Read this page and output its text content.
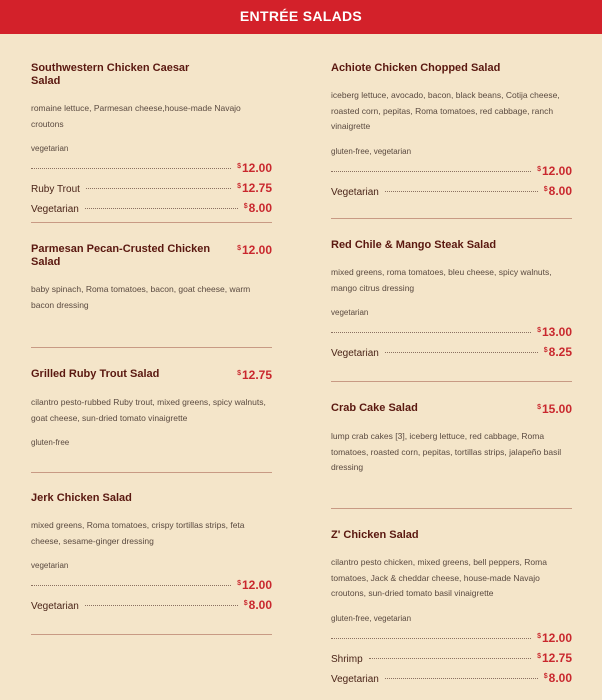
ENTRÉE SALADS
Southwestern Chicken Caesar Salad
romaine lettuce, Parmesan cheese,house-made Navajo croutons
vegetarian
$12.00
Ruby Trout	$12.75
Vegetarian	$8.00
Parmesan Pecan-Crusted Chicken Salad
$12.00
baby spinach, Roma tomatoes, bacon, goat cheese, warm bacon dressing
Grilled Ruby Trout Salad	$12.75
cilantro pesto-rubbed Ruby trout, mixed greens, spicy walnuts, goat cheese, sun-dried tomato vinaigrette
gluten-free
Jerk Chicken Salad
mixed greens, Roma tomatoes, crispy tortillas strips, feta cheese, sesame-ginger dressing
vegetarian
$12.00
Vegetarian	$8.00
Achiote Chicken Chopped Salad
iceberg lettuce, avocado, bacon, black beans, Cotija cheese, roasted corn, pepitas, Roma tomatoes, red cabbage, ranch vinaigrette
gluten-free, vegetarian
$12.00
Vegetarian	$8.00
Red Chile & Mango Steak Salad
mixed greens, roma tomatoes, bleu cheese, spicy walnuts, mango citrus dressing
vegetarian
$13.00
Vegetarian	$8.25
Crab Cake Salad	$15.00
lump crab cakes [3], iceberg lettuce, red cabbage, Roma tomatoes, roasted corn, pepitas, tortillas strips, jalapeño basil dressing
Z' Chicken Salad
cilantro pesto chicken, mixed greens, bell peppers, Roma tomatoes, Jack & cheddar cheese, house-made Navajo croutons, sun-dried tomato basil vinaigrette
gluten-free, vegetarian
$12.00
Shrimp	$12.75
Vegetarian	$8.00
